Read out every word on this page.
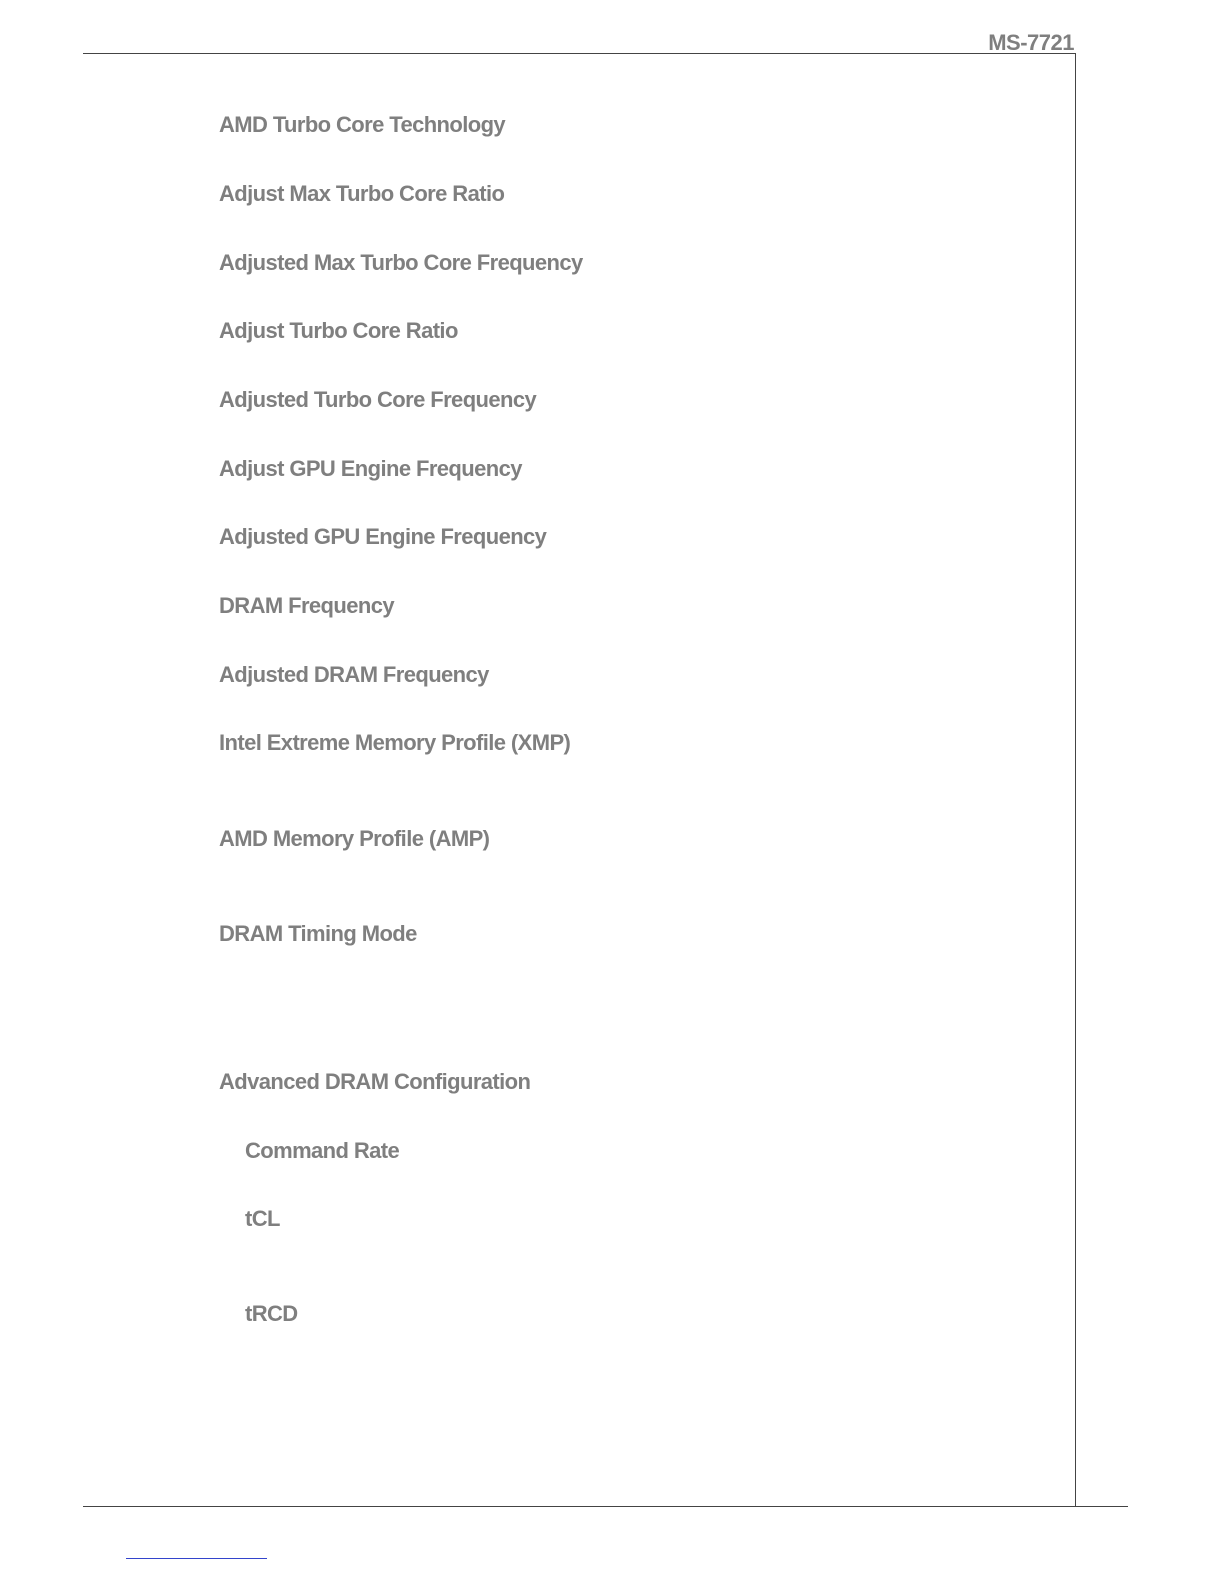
MS-7721
AMD Turbo Core Technology
Adjust Max Turbo Core Ratio
Adjusted Max Turbo Core Frequency
Adjust Turbo Core Ratio
Adjusted Turbo Core Frequency
Adjust GPU Engine Frequency
Adjusted GPU Engine Frequency
DRAM Frequency
Adjusted DRAM Frequency
Intel Extreme Memory Profile (XMP)
AMD Memory Profile (AMP)
DRAM Timing Mode
Advanced DRAM Configuration
Command Rate
tCL
tRCD
